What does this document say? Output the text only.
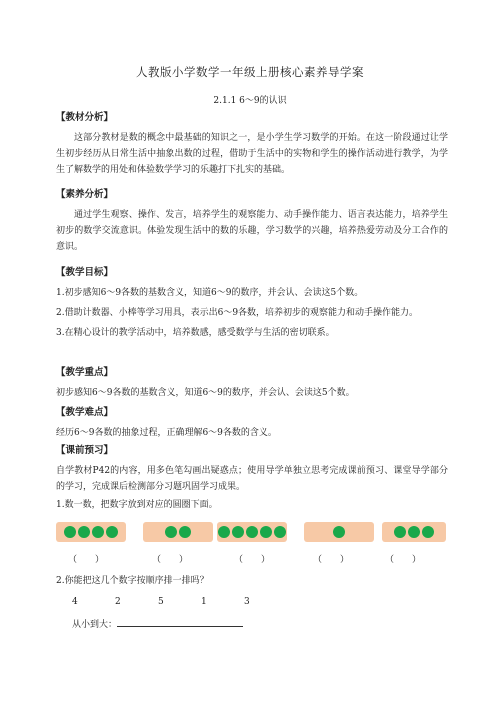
人教版小学数学一年级上册核心素养导学案
2.1.1 6～9的认识
【教材分析】
这部分教材是数的概念中最基础的知识之一，是小学生学习数学的开始。在这一阶段通过让学生初步经历从日常生活中抽象出数的过程，借助于生活中的实物和学生的操作活动进行教学，为学生了解数学的用处和体验数学学习的乐趣打下扎实的基础。
【素养分析】
通过学生观察、操作、发言，培养学生的观察能力、动手操作能力、语言表达能力，培养学生初步的数学交流意识。体验发现生活中的数的乐趣，学习数学的兴趣，培养热爱劳动及分工合作的意识。
【教学目标】
1.初步感知6～9各数的基数含义，知道6～9的数序，并会认、会读这5个数。
2.借助计数器、小棒等学习用具，表示出6～9各数，培养初步的观察能力和动手操作能力。
3.在精心设计的教学活动中，培养数感，感受数学与生活的密切联系。
【教学重点】
初步感知6～9各数的基数含义，知道6～9的数序，并会认、会读这5个数。
【教学难点】
经历6～9各数的抽象过程，正确理解6～9各数的含义。
【课前预习】
自学教材P42的内容，用多色笔勾画出疑惑点；使用导学单独立思考完成课前预习、课堂导学部分的学习，完成课后检测部分习题巩固学习成果。
1.数一数，把数字放到对应的圆圈下面。
（　　）	（　　）	（　　）	（　　）	（　　）
2.你能把这几个数字按顺序排一排吗？
4	2	5	1	3
从小到大：
